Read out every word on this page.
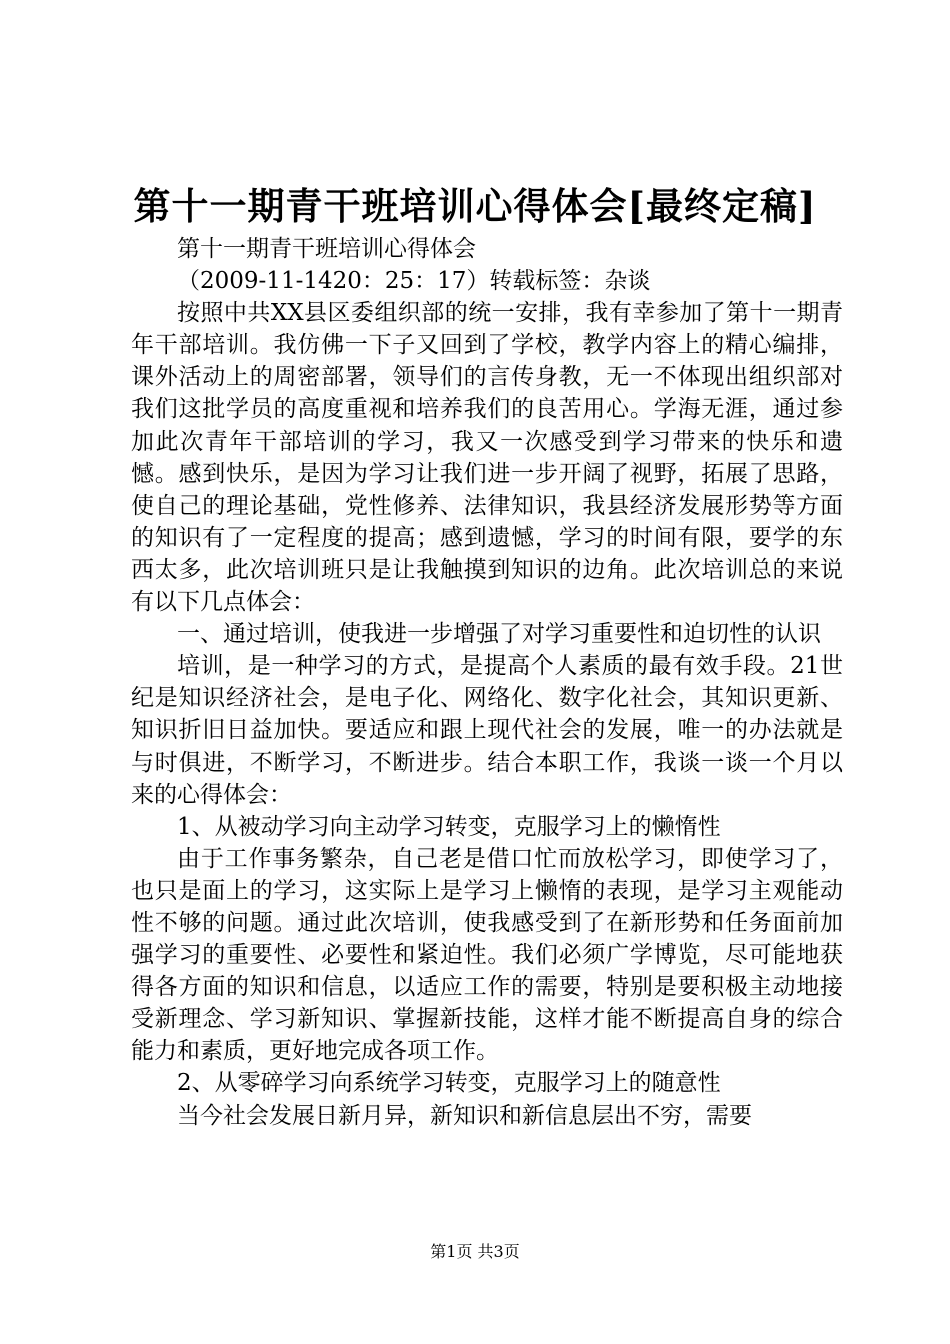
第十一期青干班培训心得体会[最终定稿]

第十一期青干班培训心得体会

（2009-11-1420：25：17）转载标签：杂谈

按照中共XX县区委组织部的统一安排，我有幸参加了第十一期青年干部培训。我仿佛一下子又回到了学校，教学内容上的精心编排，课外活动上的周密部署，领导们的言传身教，无一不体现出组织部对我们这批学员的高度重视和培养我们的良苦用心。学海无涯，通过参加此次青年干部培训的学习，我又一次感受到学习带来的快乐和遗憾。感到快乐，是因为学习让我们进一步开阔了视野，拓展了思路，使自己的理论基础，党性修养、法律知识，我县经济发展形势等方面的知识有了一定程度的提高；感到遗憾，学习的时间有限，要学的东西太多，此次培训班只是让我触摸到知识的边角。此次培训总的来说有以下几点体会：

一、通过培训，使我进一步增强了对学习重要性和迫切性的认识

培训，是一种学习的方式，是提高个人素质的最有效手段。21世纪是知识经济社会，是电子化、网络化、数字化社会，其知识更新、知识折旧日益加快。要适应和跟上现代社会的发展，唯一的办法就是与时俱进，不断学习，不断进步。结合本职工作，我谈一谈一个月以来的心得体会：

1、从被动学习向主动学习转变，克服学习上的懒惰性

由于工作事务繁杂，自己老是借口忙而放松学习，即使学习了，也只是面上的学习，这实际上是学习上懒惰的表现，是学习主观能动性不够的问题。通过此次培训，使我感受到了在新形势和任务面前加强学习的重要性、必要性和紧迫性。我们必须广学博览，尽可能地获得各方面的知识和信息，以适应工作的需要，特别是要积极主动地接受新理念、学习新知识、掌握新技能，这样才能不断提高自身的综合能力和素质，更好地完成各项工作。

2、从零碎学习向系统学习转变，克服学习上的随意性

当今社会发展日新月异，新知识和新信息层出不穷，需要

第1页 共3页
